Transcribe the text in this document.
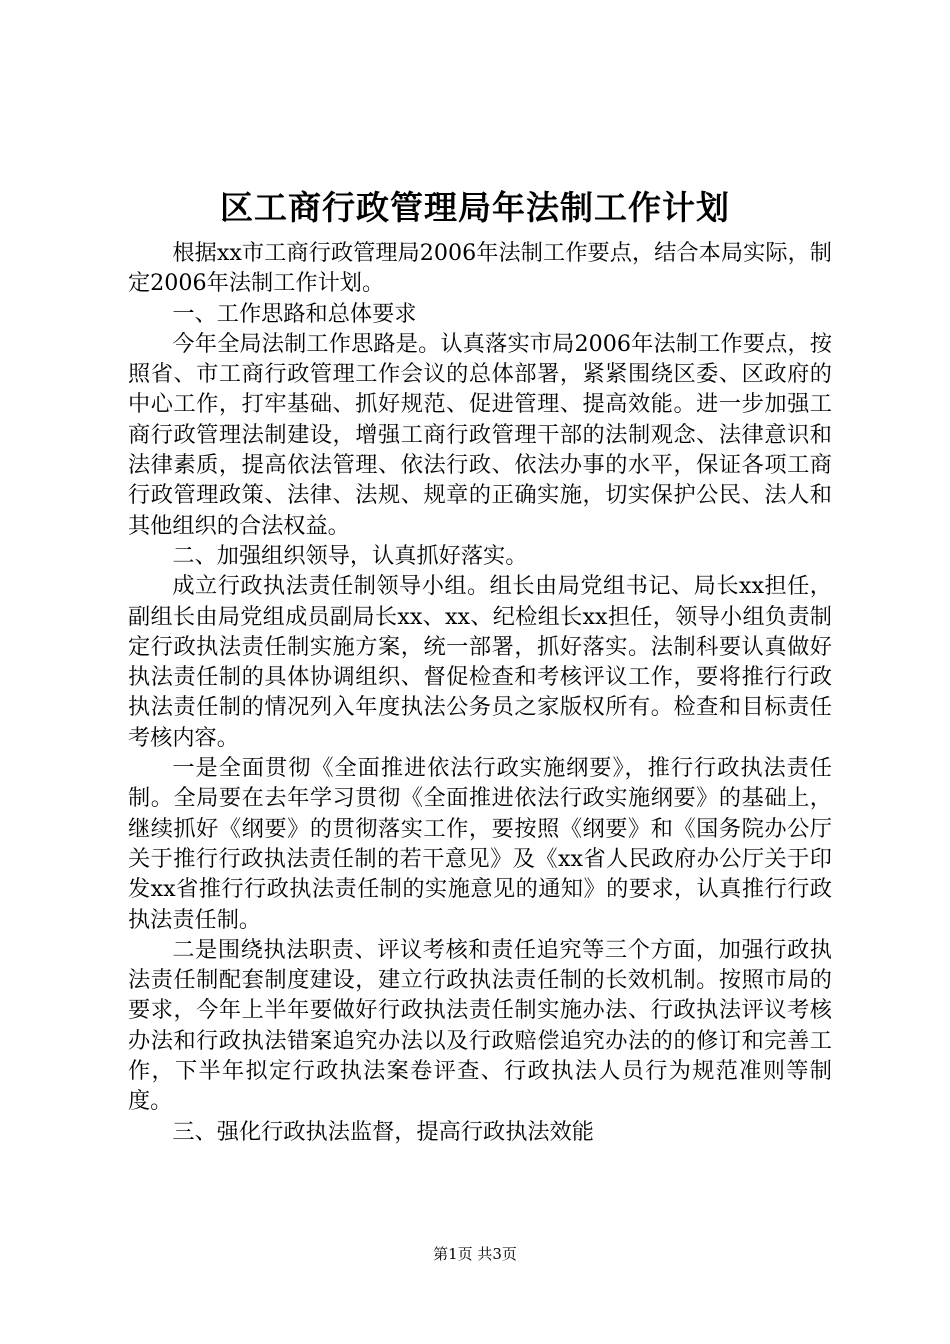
区工商行政管理局年法制工作计划

根据xx市工商行政管理局2006年法制工作要点，结合本局实际，制定2006年法制工作计划。

一、工作思路和总体要求

今年全局法制工作思路是。认真落实市局2006年法制工作要点，按照省、市工商行政管理工作会议的总体部署，紧紧围绕区委、区政府的中心工作，打牢基础、抓好规范、促进管理、提高效能。进一步加强工商行政管理法制建设，增强工商行政管理干部的法制观念、法律意识和法律素质，提高依法管理、依法行政、依法办事的水平，保证各项工商行政管理政策、法律、法规、规章的正确实施，切实保护公民、法人和其他组织的合法权益。

二、加强组织领导，认真抓好落实。

成立行政执法责任制领导小组。组长由局党组书记、局长xx担任，副组长由局党组成员副局长xx、xx、纪检组长xx担任，领导小组负责制定行政执法责任制实施方案，统一部署，抓好落实。法制科要认真做好执法责任制的具体协调组织、督促检查和考核评议工作，要将推行行政执法责任制的情况列入年度执法公务员之家版权所有。检查和目标责任考核内容。

一是全面贯彻《全面推进依法行政实施纲要》，推行行政执法责任制。全局要在去年学习贯彻《全面推进依法行政实施纲要》的基础上，继续抓好《纲要》的贯彻落实工作，要按照《纲要》和《国务院办公厅关于推行行政执法责任制的若干意见》及《xx省人民政府办公厅关于印发xx省推行行政执法责任制的实施意见的通知》的要求，认真推行行政执法责任制。

二是围绕执法职责、评议考核和责任追究等三个方面，加强行政执法责任制配套制度建设，建立行政执法责任制的长效机制。按照市局的要求，今年上半年要做好行政执法责任制实施办法、行政执法评议考核办法和行政执法错案追究办法以及行政赔偿追究办法的的修订和完善工作，下半年拟定行政执法案卷评查、行政执法人员行为规范准则等制度。

三、强化行政执法监督，提高行政执法效能

第1页 共3页
